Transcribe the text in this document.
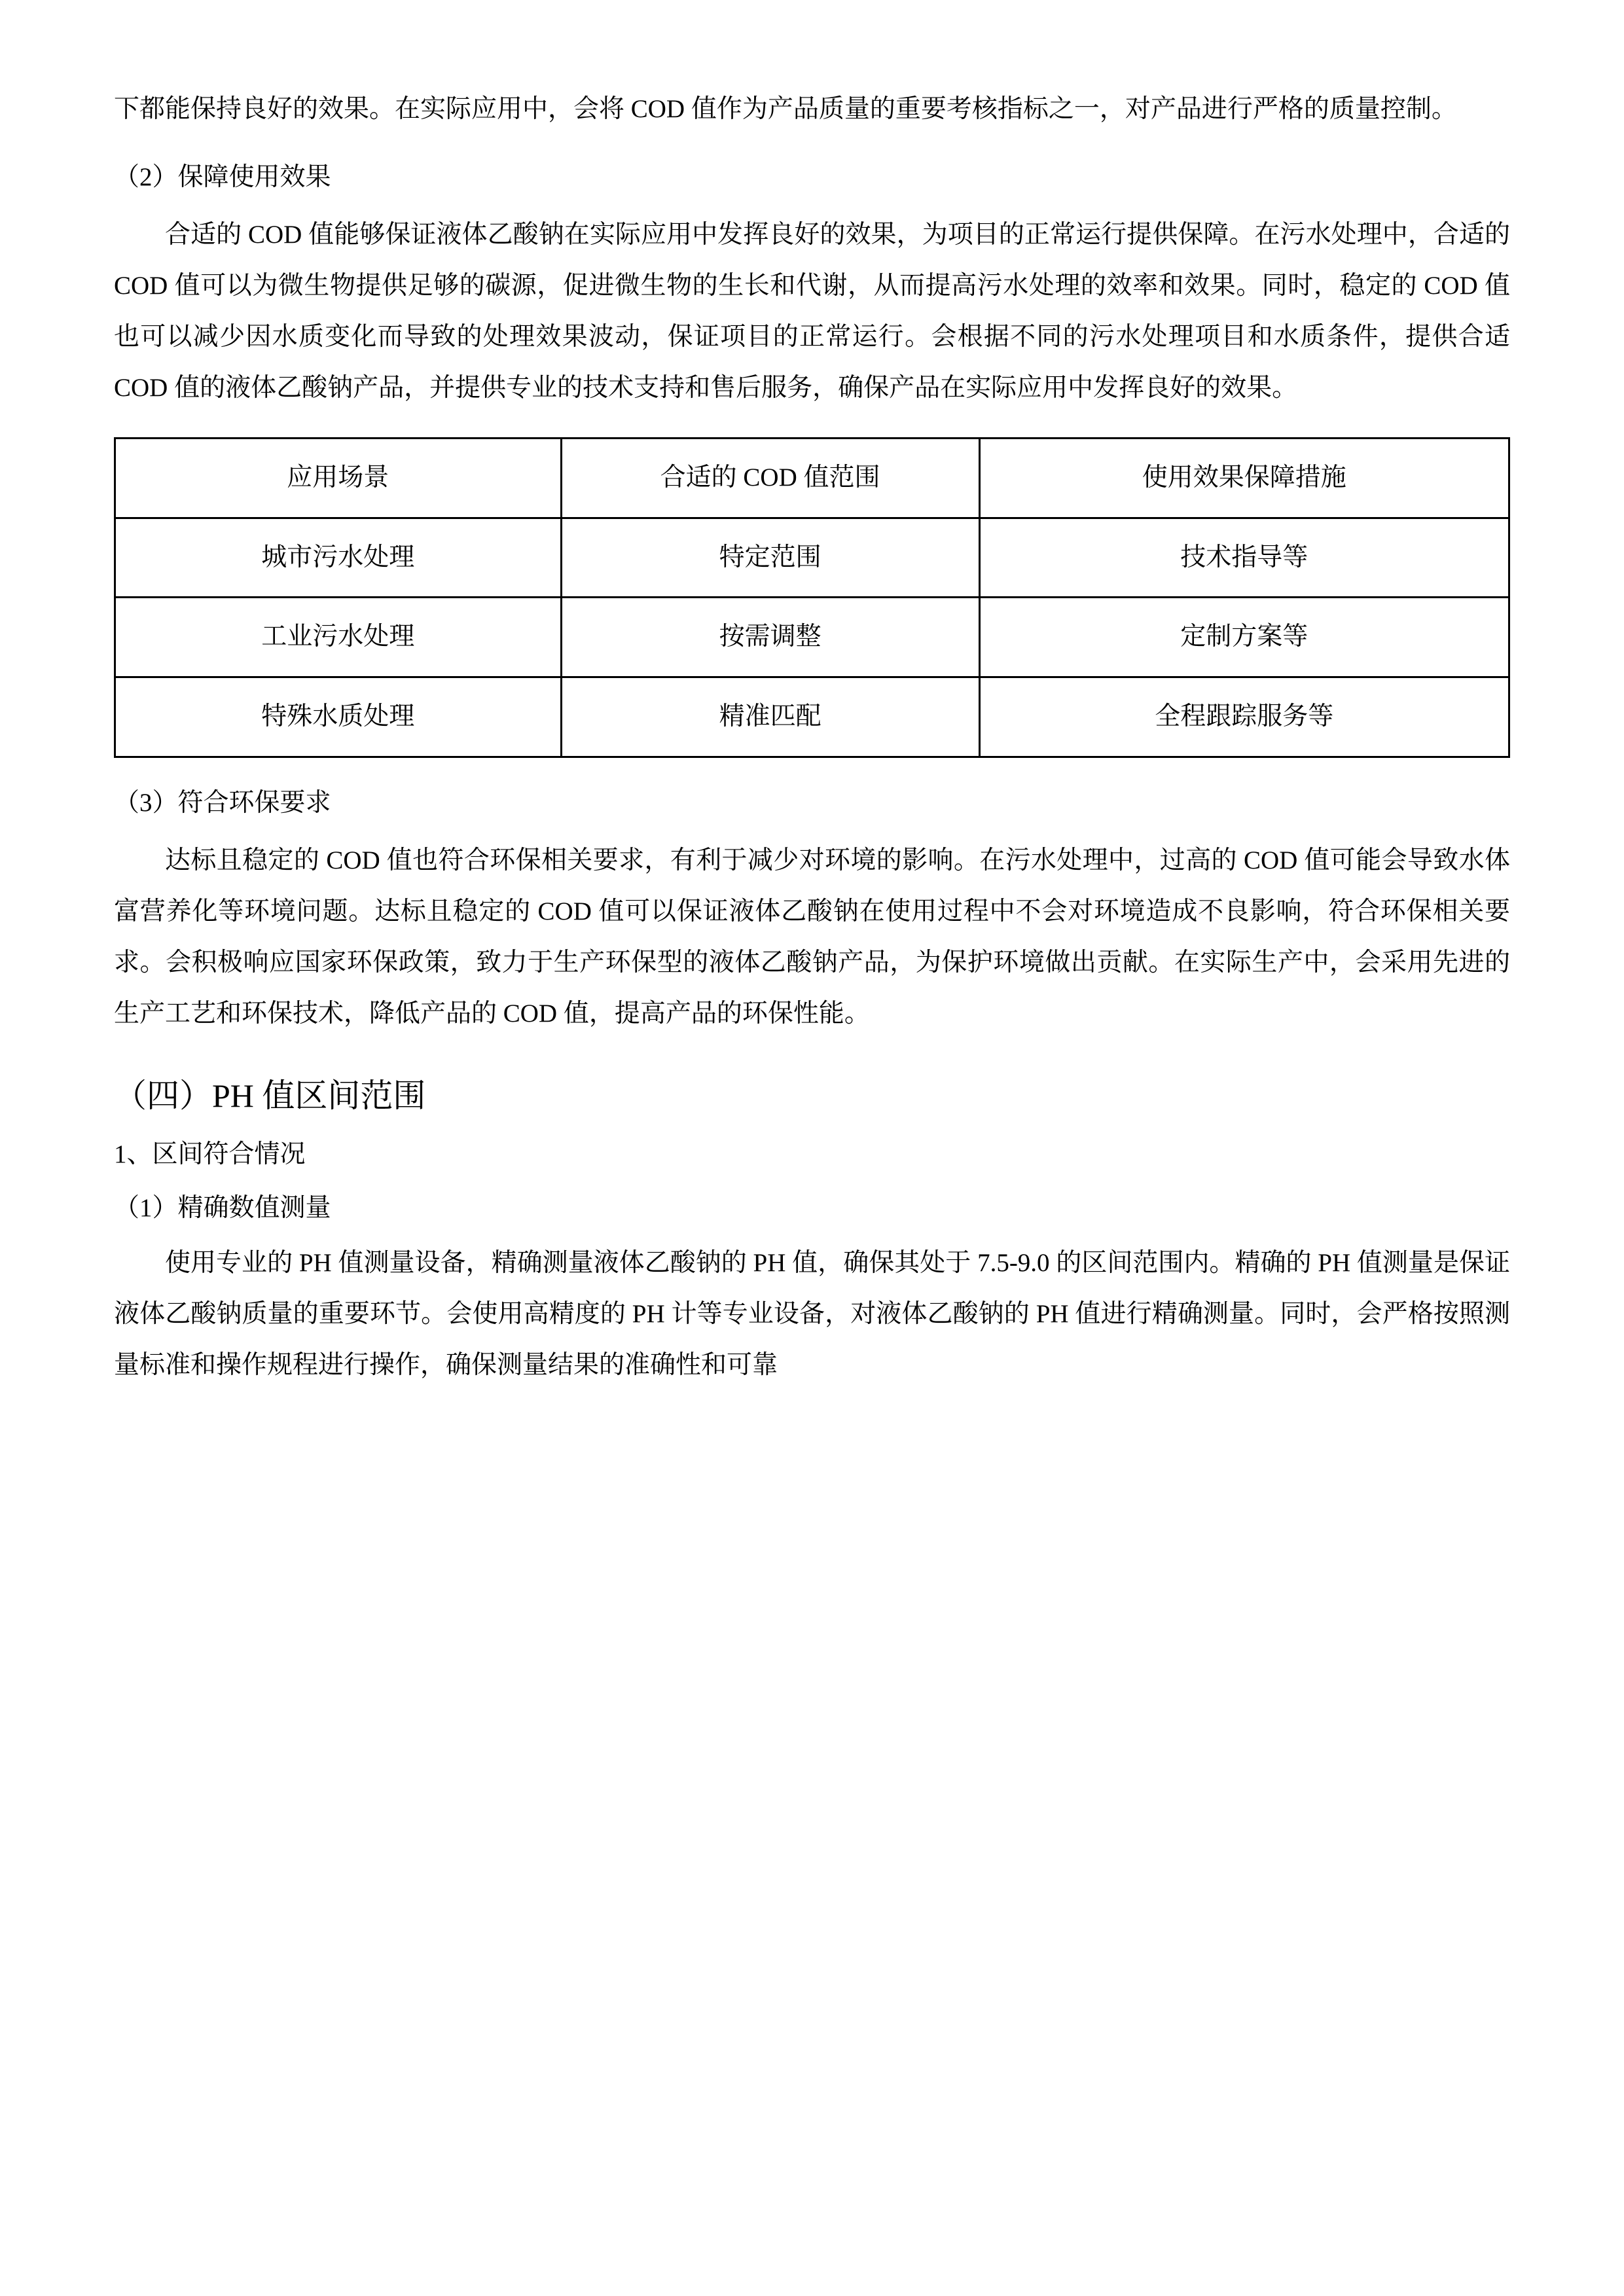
下都能保持良好的效果。在实际应用中，会将 COD 值作为产品质量的重要考核指标之一，对产品进行严格的质量控制。

（2）保障使用效果

合适的 COD 值能够保证液体乙酸钠在实际应用中发挥良好的效果，为项目的正常运行提供保障。在污水处理中，合适的 COD 值可以为微生物提供足够的碳源，促进微生物的生长和代谢，从而提高污水处理的效率和效果。同时，稳定的 COD 值也可以减少因水质变化而导致的处理效果波动，保证项目的正常运行。会根据不同的污水处理项目和水质条件，提供合适 COD 值的液体乙酸钠产品，并提供专业的技术支持和售后服务，确保产品在实际应用中发挥良好的效果。

应用场景	合适的 COD 值范围	使用效果保障措施
城市污水处理	特定范围	技术指导等
工业污水处理	按需调整	定制方案等
特殊水质处理	精准匹配	全程跟踪服务等

（3）符合环保要求

达标且稳定的 COD 值也符合环保相关要求，有利于减少对环境的影响。在污水处理中，过高的 COD 值可能会导致水体富营养化等环境问题。达标且稳定的 COD 值可以保证液体乙酸钠在使用过程中不会对环境造成不良影响，符合环保相关要求。会积极响应国家环保政策，致力于生产环保型的液体乙酸钠产品，为保护环境做出贡献。在实际生产中，会采用先进的生产工艺和环保技术，降低产品的 COD 值，提高产品的环保性能。

（四）PH 值区间范围

1、区间符合情况

（1）精确数值测量

使用专业的 PH 值测量设备，精确测量液体乙酸钠的 PH 值，确保其处于 7.5-9.0 的区间范围内。精确的 PH 值测量是保证液体乙酸钠质量的重要环节。会使用高精度的 PH 计等专业设备，对液体乙酸钠的 PH 值进行精确测量。同时，会严格按照测量标准和操作规程进行操作，确保测量结果的准确性和可靠
